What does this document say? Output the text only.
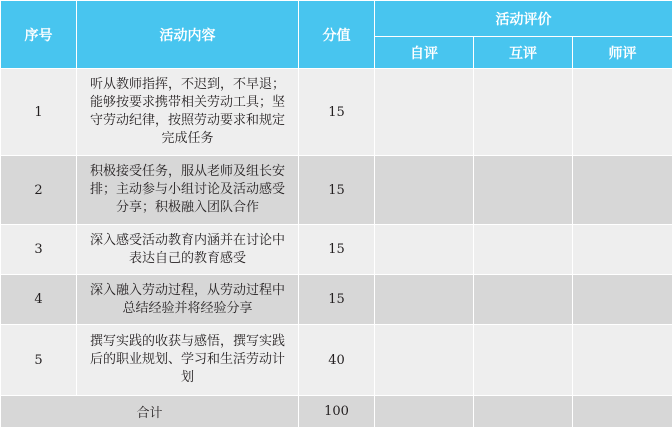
序号	活动内容	分值	活动评价		
			自评	互评	师评
1	听从教师指挥，不迟到，不早退；能够按要求携带相关劳动工具；坚守劳动纪律，按照劳动要求和规定完成任务	15			
2	积极接受任务，服从老师及组长安排；主动参与小组讨论及活动感受分享；积极融入团队合作	15			
3	深入感受活动教育内涵并在讨论中表达自己的教育感受	15			
4	深入融入劳动过程，从劳动过程中总结经验并将经验分享	15			
5	撰写实践的收获与感悟，撰写实践后的职业规划、学习和生活劳动计划	40			
合计		100			
